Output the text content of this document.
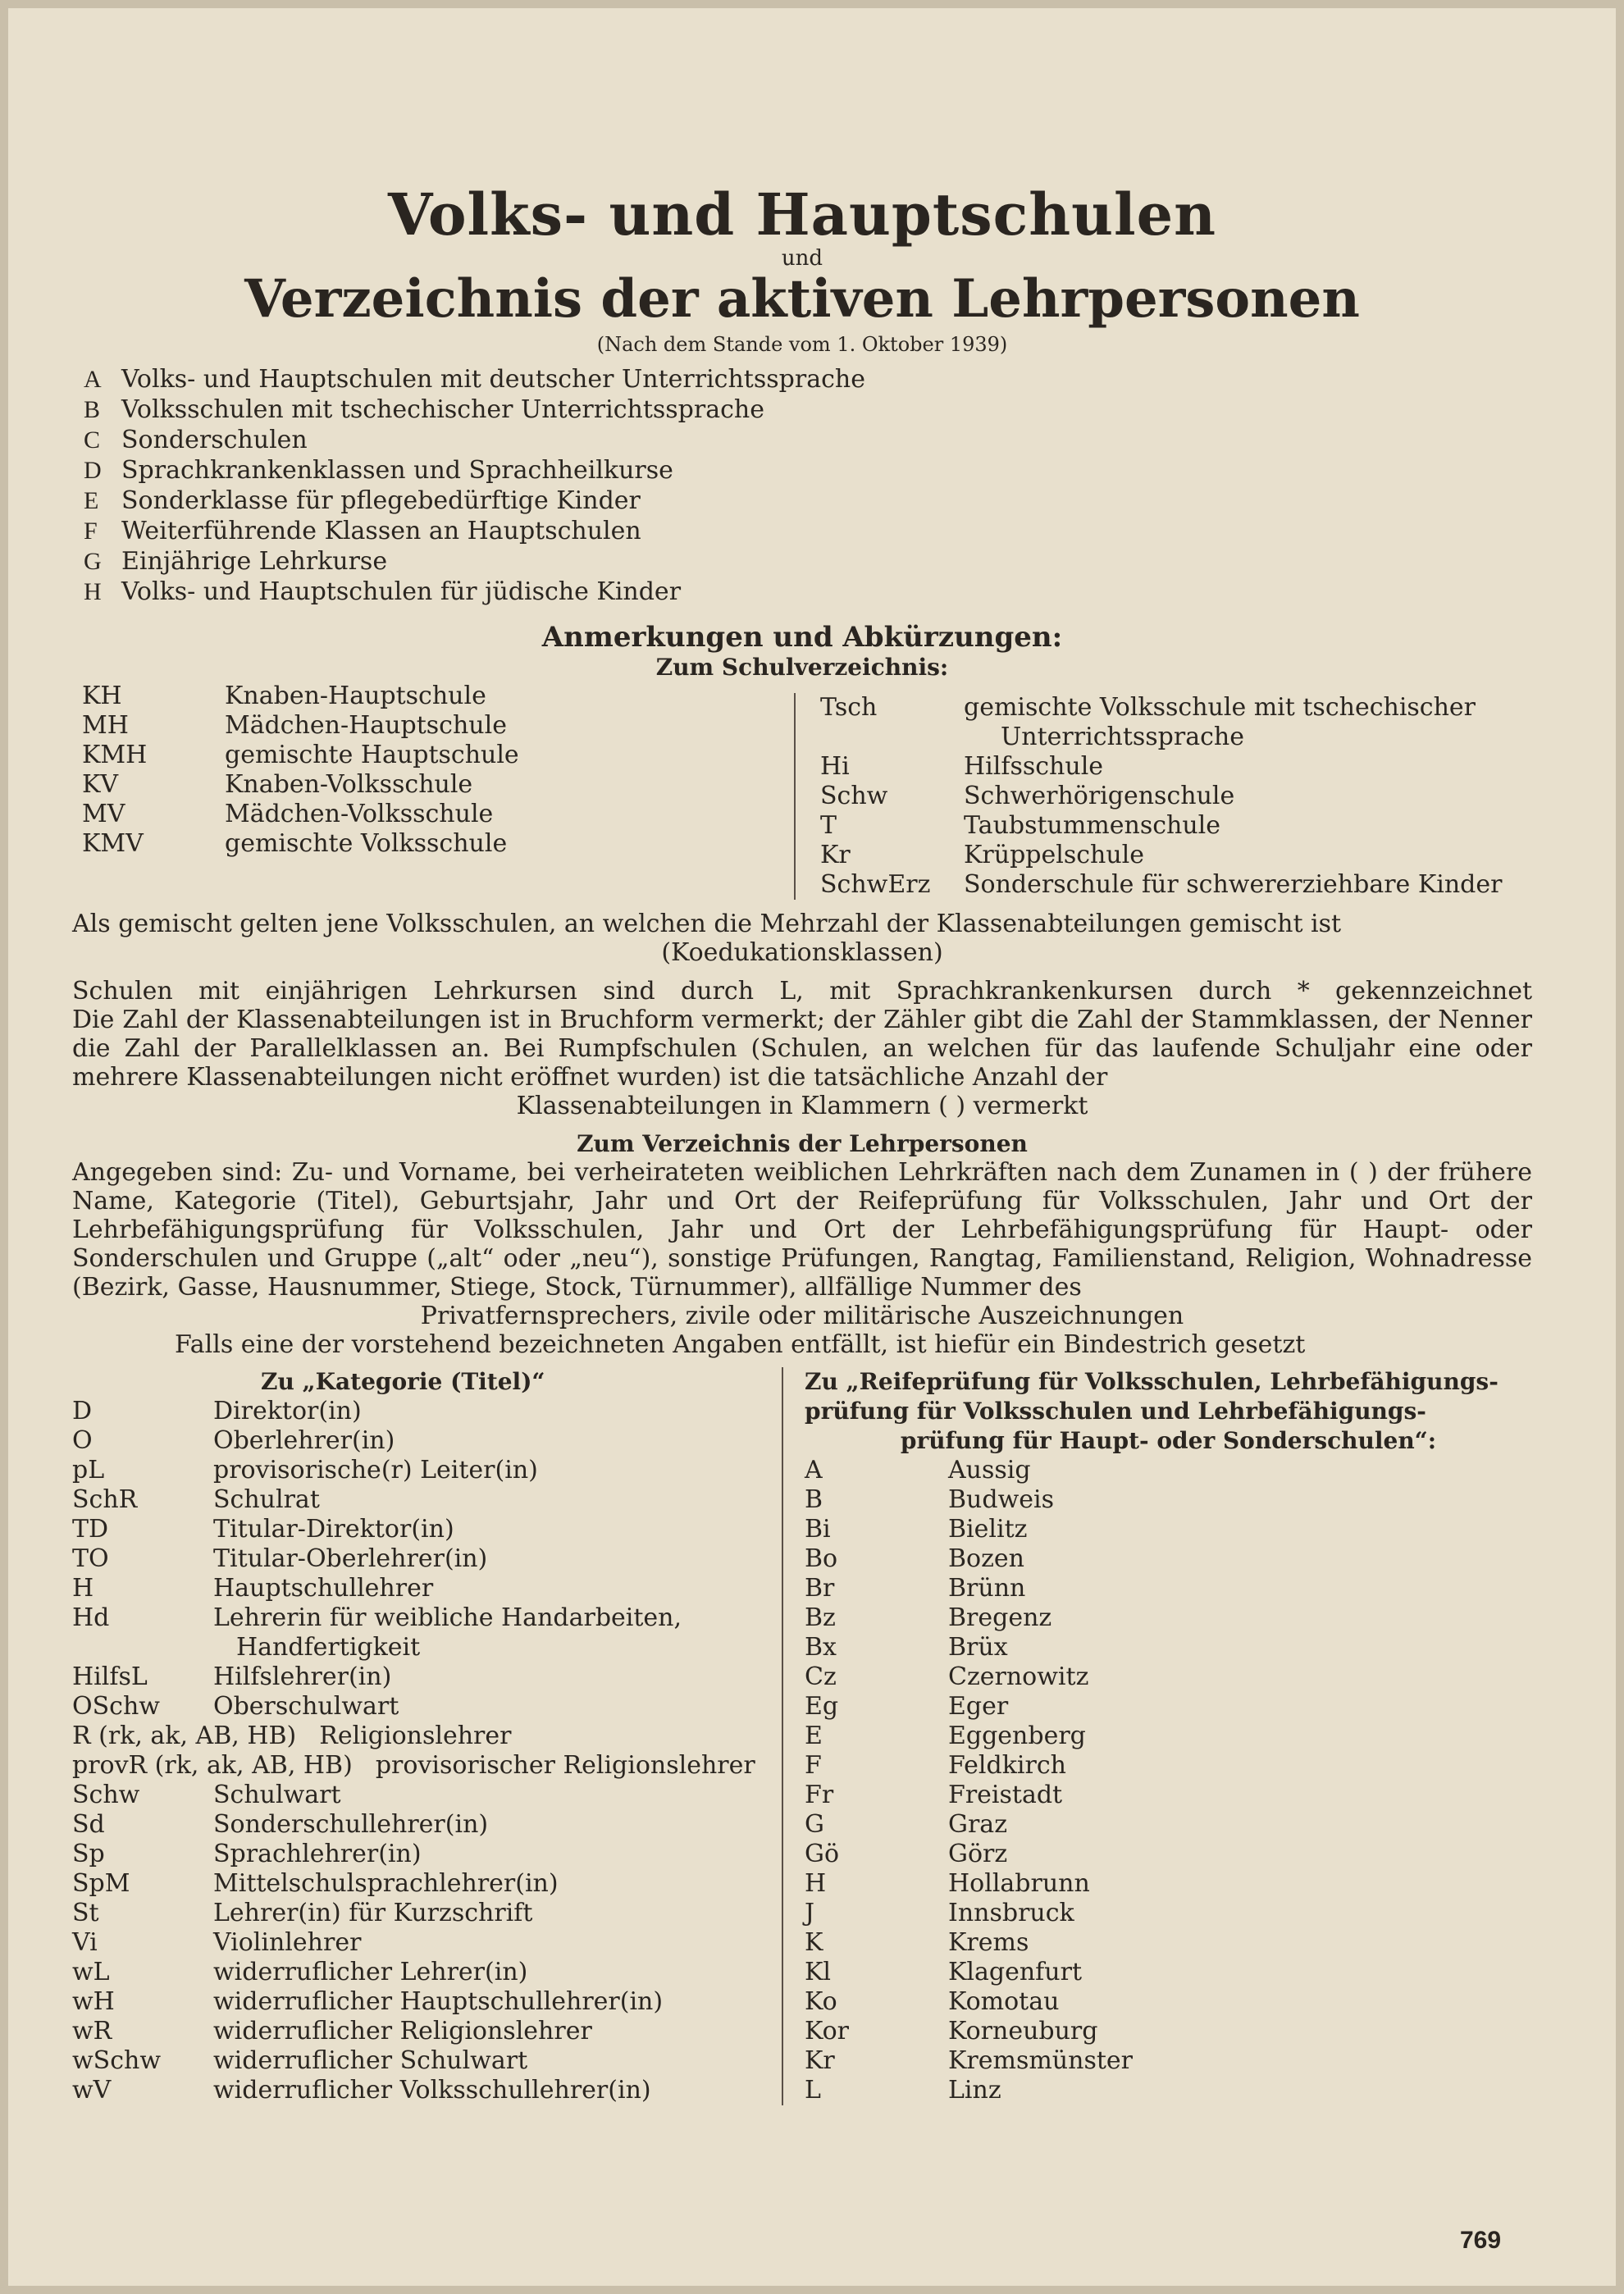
Volks- und Hauptschulen
und
Verzeichnis der aktiven Lehrpersonen
(Nach dem Stande vom 1. Oktober 1939)
A Volks- und Hauptschulen mit deutscher Unterrichtssprache
B Volksschulen mit tschechischer Unterrichtssprache
C Sonderschulen
D Sprachkrankenklassen und Sprachheilkurse
E Sonderklasse für pflegebedürftige Kinder
F Weiterführende Klassen an Hauptschulen
G Einjährige Lehrkurse
H Volks- und Hauptschulen für jüdische Kinder
Anmerkungen und Abkürzungen:
Zum Schulverzeichnis:
KH	Knaben-Hauptschule
MH	Mädchen-Hauptschule
KMH	gemischte Hauptschule
KV	Knaben-Volksschule
MV	Mädchen-Volksschule
KMV	gemischte Volksschule
Tsch	gemischte Volksschule mit tschechischer
Unterrichtssprache
Hi	Hilfsschule
Schw	Schwerhörigenschule
T	Taubstummenschule
Kr	Krüppelschule
SchwErz	Sonderschule für schwererziehbare Kinder
Als gemischt gelten jene Volksschulen, an welchen die Mehrzahl der Klassenabteilungen gemischt ist
(Koedukationsklassen)
Schulen mit einjährigen Lehrkursen sind durch L, mit Sprachkrankenkursen durch * gekennzeichnet
Die Zahl der Klassenabteilungen ist in Bruchform vermerkt; der Zähler gibt die Zahl der Stammklassen, der Nenner die Zahl der Parallelklassen an. Bei Rumpfschulen (Schulen, an welchen für das laufende Schuljahr eine oder mehrere Klassenabteilungen nicht eröffnet wurden) ist die tatsächliche Anzahl der
Klassenabteilungen in Klammern ( ) vermerkt
Zum Verzeichnis der Lehrpersonen
Angegeben sind: Zu- und Vorname, bei verheirateten weiblichen Lehrkräften nach dem Zunamen in ( ) der frühere Name, Kategorie (Titel), Geburtsjahr, Jahr und Ort der Reifeprüfung für Volksschulen, Jahr und Ort der Lehrbefähigungsprüfung für Volksschulen, Jahr und Ort der Lehrbefähigungsprüfung für Haupt- oder Sonderschulen und Gruppe („alt“ oder „neu“), sonstige Prüfungen, Rangtag, Familienstand, Religion, Wohnadresse (Bezirk, Gasse, Hausnummer, Stiege, Stock, Türnummer), allfällige Nummer des
Privatfernsprechers, zivile oder militärische Auszeichnungen
Falls eine der vorstehend bezeichneten Angaben entfällt, ist hiefür ein Bindestrich gesetzt
Zu „Kategorie (Titel)“
D	Direktor(in)
O	Oberlehrer(in)
pL	provisorische(r) Leiter(in)
SchR	Schulrat
TD	Titular-Direktor(in)
TO	Titular-Oberlehrer(in)
H	Hauptschullehrer
Hd	Lehrerin für weibliche Handarbeiten,
Handfertigkeit
HilfsL	Hilfslehrer(in)
OSchw	Oberschulwart
R (rk, ak, AB, HB) Religionslehrer
provR (rk, ak, AB, HB) provisorischer Religionslehrer
Schw	Schulwart
Sd	Sonderschullehrer(in)
Sp	Sprachlehrer(in)
SpM	Mittelschulsprachlehrer(in)
St	Lehrer(in) für Kurzschrift
Vi	Violinlehrer
wL	widerruflicher Lehrer(in)
wH	widerruflicher Hauptschullehrer(in)
wR	widerruflicher Religionslehrer
wSchw	widerruflicher Schulwart
wV	widerruflicher Volksschullehrer(in)
Zu „Reifeprüfung für Volksschulen, Lehrbefähigungs-
prüfung für Volksschulen und Lehrbefähigungs-
prüfung für Haupt- oder Sonderschulen“:
A	Aussig
B	Budweis
Bi	Bielitz
Bo	Bozen
Br	Brünn
Bz	Bregenz
Bx	Brüx
Cz	Czernowitz
Eg	Eger
E	Eggenberg
F	Feldkirch
Fr	Freistadt
G	Graz
Gö	Görz
H	Hollabrunn
J	Innsbruck
K	Krems
Kl	Klagenfurt
Ko	Komotau
Kor	Korneuburg
Kr	Kremsmünster
L	Linz
769
